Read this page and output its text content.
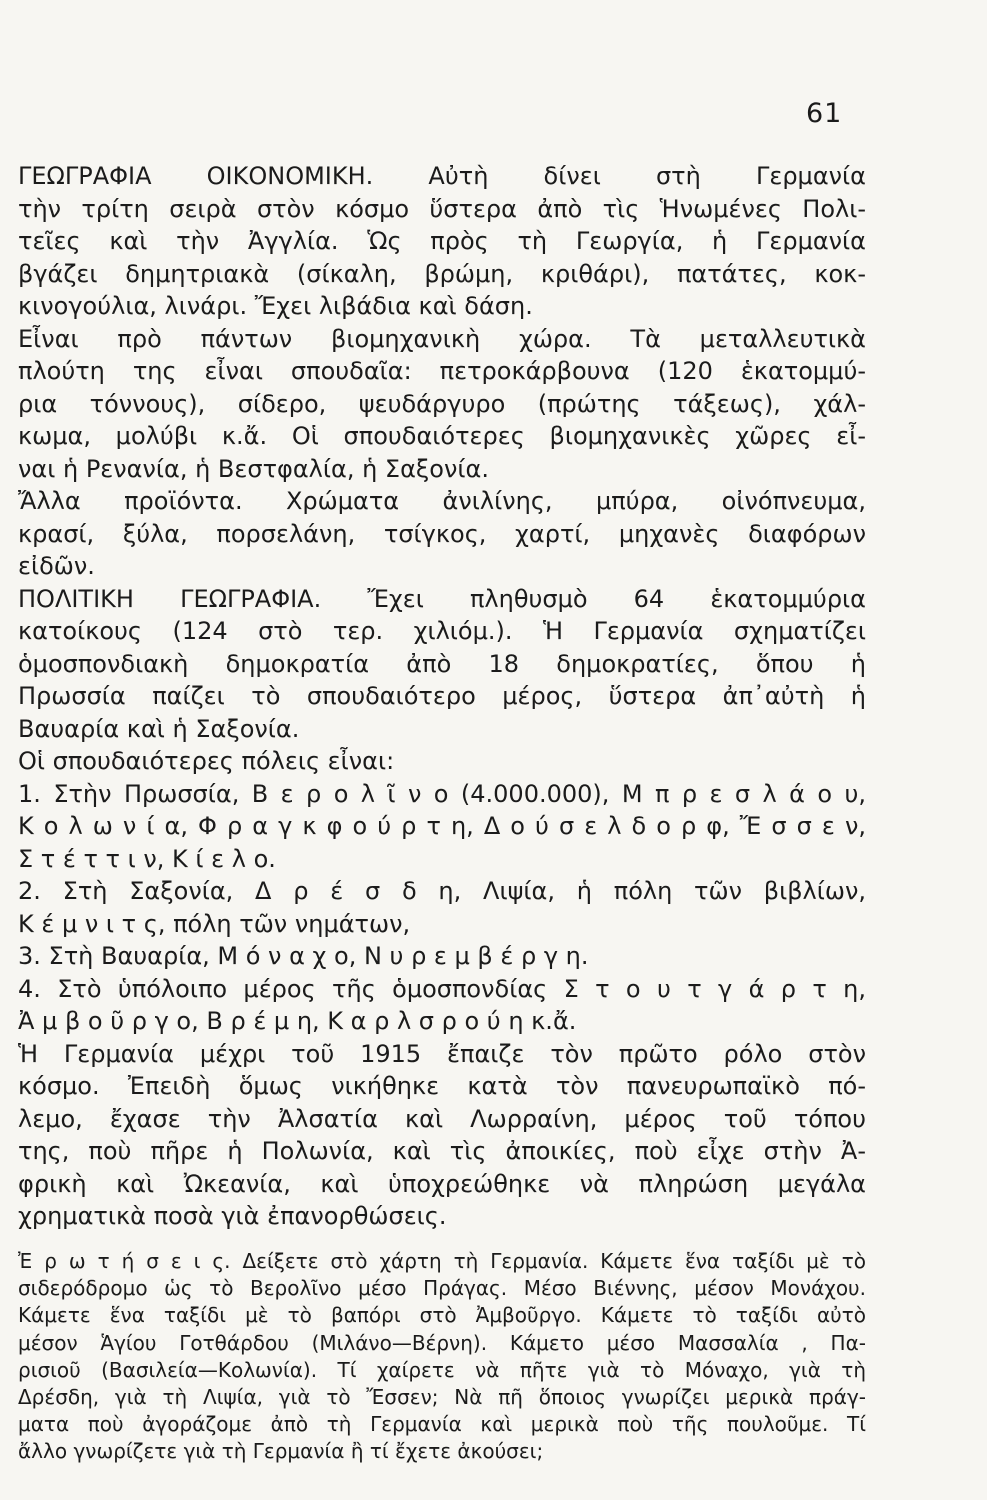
61
ΓΕΩΓΡΑΦΙΑ ΟΙΚΟΝΟΜΙΚΗ. Αὐτὴ δίνει στὴ Γερμανία
τὴν τρίτη σειρὰ στὸν κόσμο ὕστερα ἀπὸ τὶς Ἡνωμένες Πολι-
τεῖες καὶ τὴν Ἀγγλία. Ὡς πρὸς τὴ Γεωργία, ἡ Γερμανία
βγάζει δημητριακὰ (σίκαλη, βρώμη, κριθάρι), πατάτες, κοκ-
κινογούλια, λινάρι. Ἔχει λιβάδια καὶ δάση.
Εἶναι πρὸ πάντων βιομηχανικὴ χώρα. Τὰ μεταλλευτικὰ
πλούτη της εἶναι σπουδαῖα: πετροκάρβουνα (120 ἑκατομμύ-
ρια τόννους), σίδερο, ψευδάργυρο (πρώτης τάξεως), χάλ-
κωμα, μολύβι κ.ἄ. Οἱ σπουδαιότερες βιομηχανικὲς χῶρες εἶ-
ναι ἡ Ρενανία, ἡ Βεστφαλία, ἡ Σαξονία.
Ἄλλα προϊόντα. Χρώματα ἀνιλίνης, μπύρα, οἰνόπνευμα,
κρασί, ξύλα, πορσελάνη, τσίγκος, χαρτί, μηχανὲς διαφόρων
εἰδῶν.
ΠΟΛΙΤΙΚΗ ΓΕΩΓΡΑΦΙΑ. Ἔχει πληθυσμὸ 64 ἑκατομμύρια
κατοίκους (124 στὸ τερ. χιλιόμ.). Ἡ Γερμανία σχηματίζει
ὁμοσπονδιακὴ δημοκρατία ἀπὸ 18 δημοκρατίες, ὅπου ἡ
Πρωσσία παίζει τὸ σπουδαιότερο μέρος, ὕστερα ἀπ᾽αὐτὴ ἡ
Βαυαρία καὶ ἡ Σαξονία.
Οἱ σπουδαιότερες πόλεις εἶναι:
1. Στὴν Πρωσσία, Β ε ρ ο λ ῖ ν ο (4.000.000), Μ π ρ ε σ λ ά ο υ,
Κ ο λ ω ν ί α, Φ ρ α γ κ φ ο ύ ρ τ η, Δ ο ύ σ ε λ δ ο ρ φ, Ἔ σ σ ε ν,
Σ τ έ τ τ ι ν, Κ ί ε λ ο.
2. Στὴ Σαξονία, Δ ρ έ σ δ η, Λιψία, ἡ πόλη τῶν βιβλίων,
Κ έ μ ν ι τ ς, πόλη τῶν νημάτων,
3. Στὴ Βαυαρία, Μ ό ν α χ ο, Ν υ ρ ε μ β έ ρ γ η.
4. Στὸ ὑπόλοιπο μέρος τῆς ὁμοσπονδίας Σ τ ο υ τ γ ά ρ τ η,
Ἀ μ β ο ῦ ρ γ ο, Β ρ έ μ η, Κ α ρ λ σ ρ ο ύ η κ.ἄ.
Ἡ Γερμανία μέχρι τοῦ 1915 ἔπαιζε τὸν πρῶτο ρόλο στὸν
κόσμο. Ἐπειδὴ ὅμως νικήθηκε κατὰ τὸν πανευρωπαϊκὸ πό-
λεμο, ἔχασε τὴν Ἀλσατία καὶ Λωρραίνη, μέρος τοῦ τόπου
της, ποὺ πῆρε ἡ Πολωνία, καὶ τὶς ἀποικίες, ποὺ εἶχε στὴν Ἀ-
φρικὴ καὶ Ὠκεανία, καὶ ὑποχρεώθηκε νὰ πληρώση μεγάλα
χρηματικὰ ποσὰ γιὰ ἐπανορθώσεις.
Ἐ ρ ω τ ή σ ε ι ς. Δείξετε στὸ χάρτη τὴ Γερμανία. Κάμετε ἕνα ταξίδι μὲ τὸ
σιδερόδρομο ὡς τὸ Βερολῖνο μέσο Πράγας. Μέσο Βιέννης, μέσον Μονάχου.
Κάμετε ἕνα ταξίδι μὲ τὸ βαπόρι στὸ Ἀμβοῦργο. Κάμετε τὸ ταξίδι αὐτὸ
μέσον Ἁγίου Γοτθάρδου (Μιλάνο—Βέρνη). Κάμετο μέσο Μασσαλία , Πα-
ρισιοῦ (Βασιλεία—Κολωνία). Τί χαίρετε νὰ πῆτε γιὰ τὸ Μόναχο, γιὰ τὴ
Δρέσδη, γιὰ τὴ Λιψία, γιὰ τὸ Ἔσσεν; Νὰ πῆ ὅποιος γνωρίζει μερικὰ πράγ-
ματα ποὺ ἀγοράζομε ἀπὸ τὴ Γερμανία καὶ μερικὰ ποὺ τῆς πουλοῦμε. Τί
ἄλλο γνωρίζετε γιὰ τὴ Γερμανία ἢ τί ἔχετε ἀκούσει;
